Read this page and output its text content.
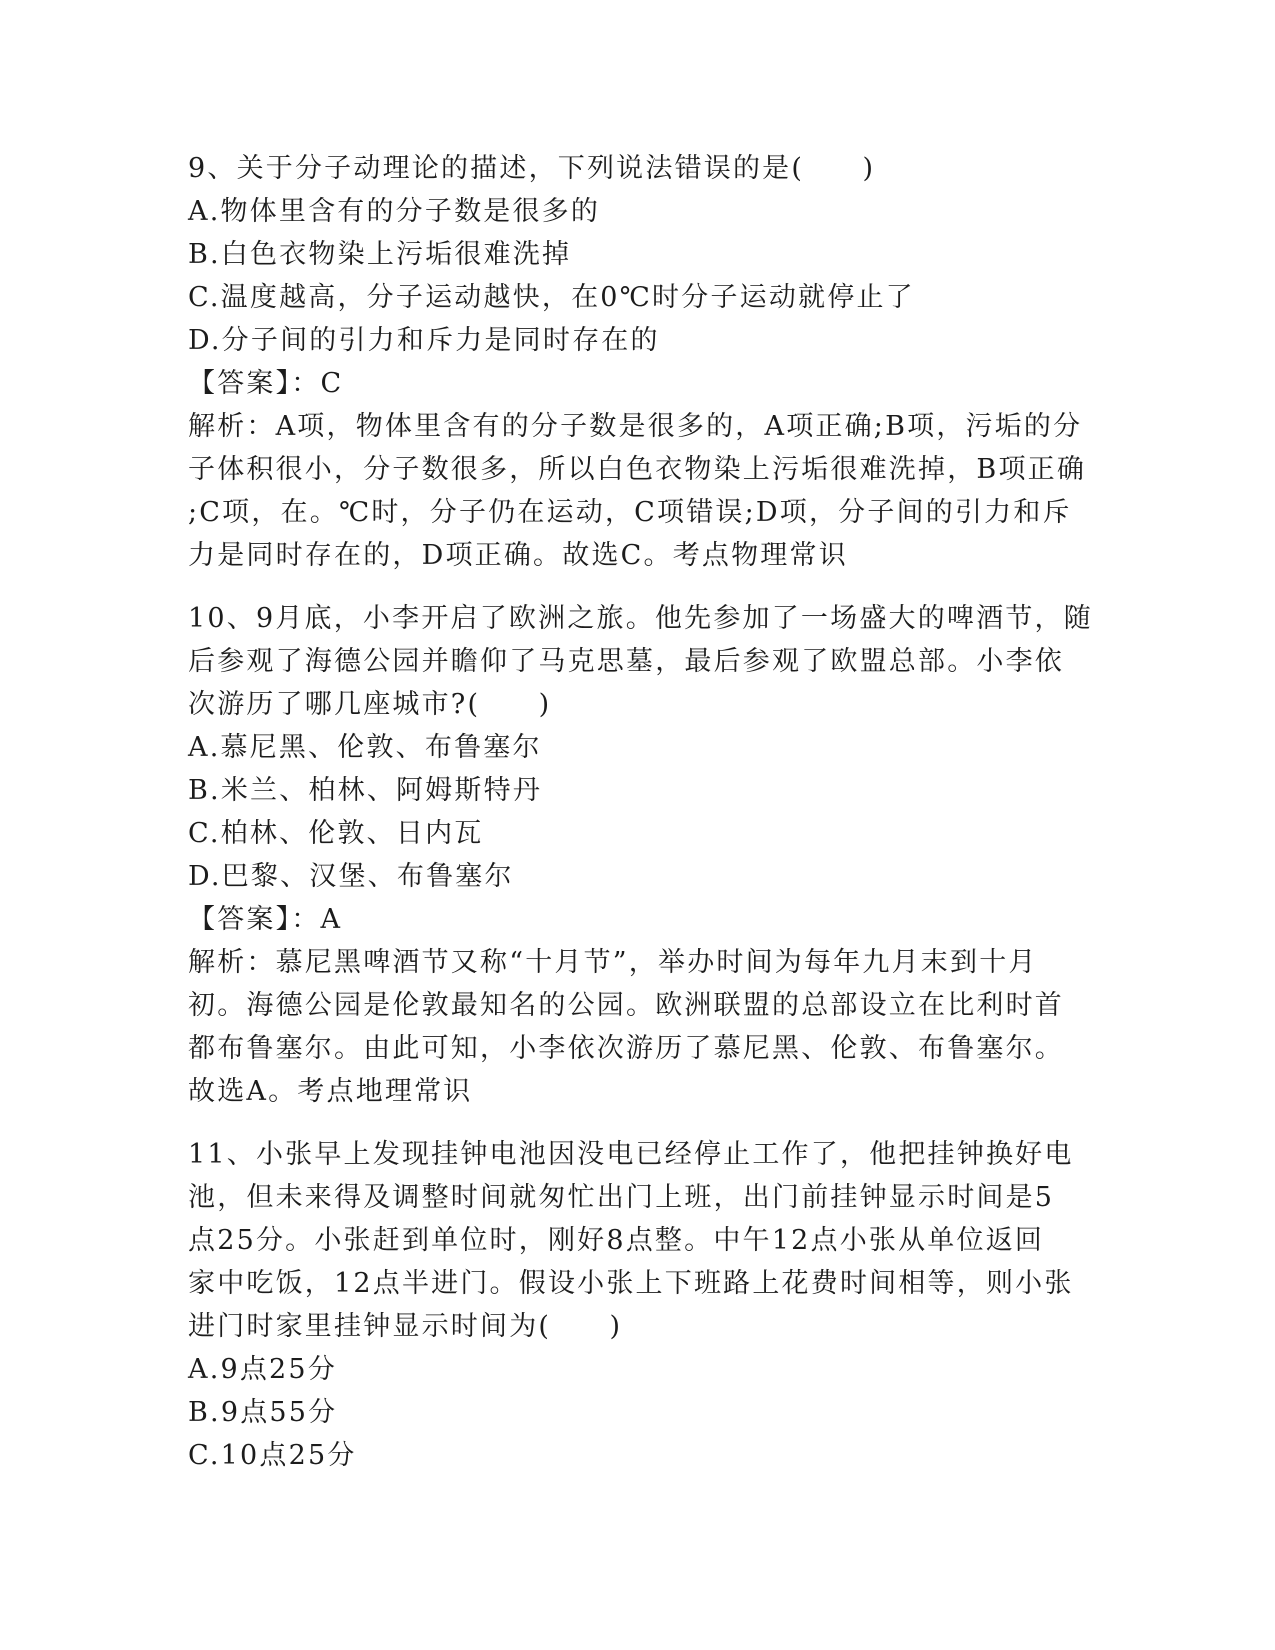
9、关于分子动理论的描述，下列说法错误的是(　　)
A.物体里含有的分子数是很多的
B.白色衣物染上污垢很难洗掉
C.温度越高，分子运动越快，在0℃时分子运动就停止了
D.分子间的引力和斥力是同时存在的
【答案】：C
解析：A项，物体里含有的分子数是很多的，A项正确;B项，污垢的分
子体积很小，分子数很多，所以白色衣物染上污垢很难洗掉，B项正确
;C项，在。℃时，分子仍在运动，C项错误;D项，分子间的引力和斥
力是同时存在的，D项正确。故选C。考点物理常识
10、9月底，小李开启了欧洲之旅。他先参加了一场盛大的啤酒节，随
后参观了海德公园并瞻仰了马克思墓，最后参观了欧盟总部。小李依
次游历了哪几座城市?(　　)
A.慕尼黑、伦敦、布鲁塞尔
B.米兰、柏林、阿姆斯特丹
C.柏林、伦敦、日内瓦
D.巴黎、汉堡、布鲁塞尔
【答案】：A
解析：慕尼黑啤酒节又称“十月节”，举办时间为每年九月末到十月
初。海德公园是伦敦最知名的公园。欧洲联盟的总部设立在比利时首
都布鲁塞尔。由此可知，小李依次游历了慕尼黑、伦敦、布鲁塞尔。
故选A。考点地理常识
11、小张早上发现挂钟电池因没电已经停止工作了，他把挂钟换好电
池，但未来得及调整时间就匆忙出门上班，出门前挂钟显示时间是5
点25分。小张赶到单位时，刚好8点整。中午12点小张从单位返回
家中吃饭，12点半进门。假设小张上下班路上花费时间相等，则小张
进门时家里挂钟显示时间为(　　)
A.9点25分
B.9点55分
C.10点25分
